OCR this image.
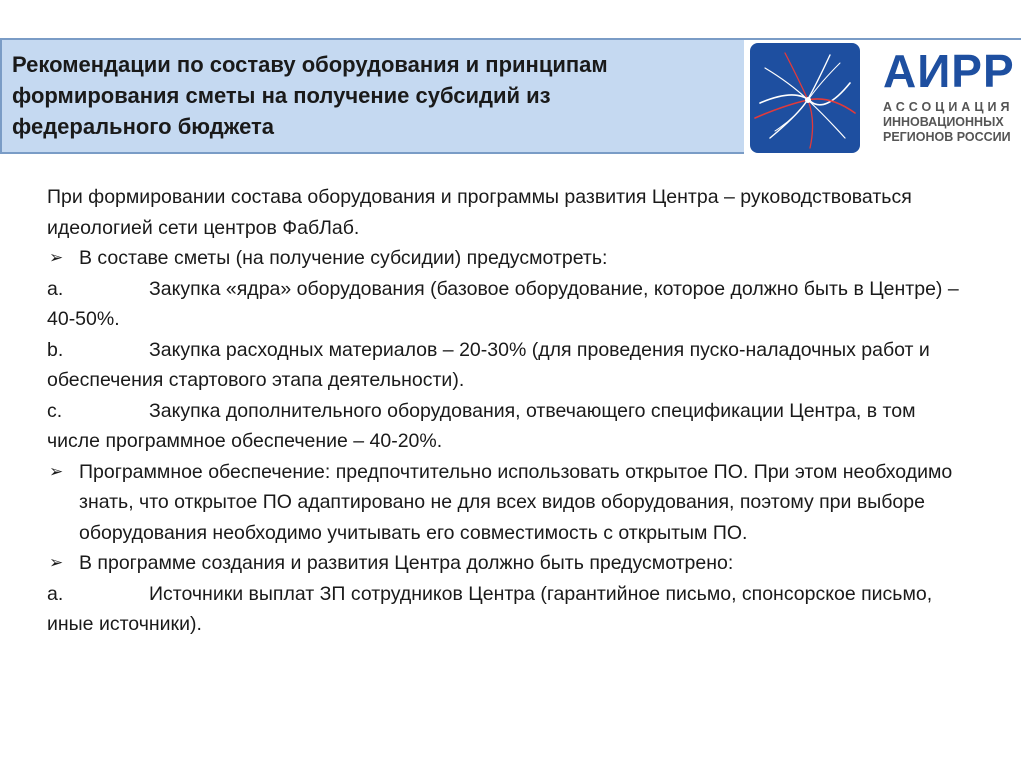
Рекомендации по составу оборудования и принципам
формирования сметы на получение субсидий из
федерального бюджета
АИРР
АССОЦИАЦИЯ
ИННОВАЦИОННЫХ
РЕГИОНОВ РОССИИ

При формировании состава оборудования и программы развития Центра – руководствоваться идеологией сети центров ФабЛаб.

➢ В составе сметы (на получение субсидии) предусмотреть:

a.	Закупка «ядра» оборудования (базовое оборудование, которое должно быть в Центре) – 40-50%.

b.	Закупка расходных материалов – 20-30% (для проведения пуско-наладочных работ и обеспечения стартового этапа деятельности).

c.	Закупка дополнительного оборудования, отвечающего спецификации Центра, в том числе программное обеспечение – 40-20%.

➢ Программное обеспечение: предпочтительно использовать открытое ПО. При этом необходимо знать, что открытое ПО адаптировано не для всех видов оборудования, поэтому при выборе оборудования необходимо учитывать его совместимость с открытым ПО.

➢ В программе создания и развития Центра должно быть предусмотрено:

a.	Источники выплат ЗП сотрудников Центра (гарантийное письмо, спонсорское письмо, иные источники).
